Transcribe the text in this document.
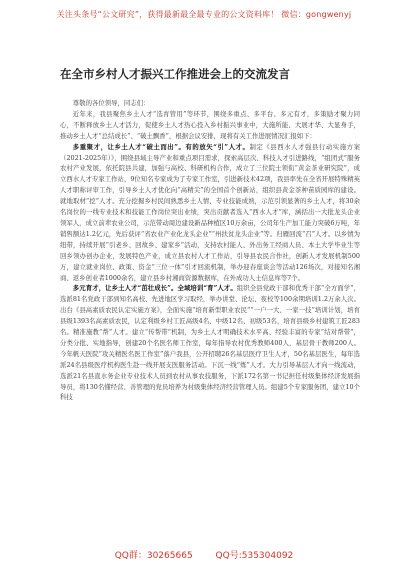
关注头条号“公文研究”，获得最新最全最专业的公文资料库！ 微信：gongwenyj
在全市乡村人才振兴工作推进会上的交流发言

尊敬的各位领导，同志们：

近年来，我县聚焦乡土人才“选育管用”等环节，围绕多重点、多平台、多元有才，多策励才聚力同心，不断释放乡土人才活力，促使乡土人才热心投入乡村振兴事业中，大施所能、大展才华、大显身手，推动乡土人才“总结成长”、“破土飘香”，根据会议安排，现将有关工作进展情况汇报如下：

多重聚才，让乡土人才“破土而出”。有的放矢“引”人才。制定《县西水人才强县行动实施方案（2021-2025年）》，围绕县域主导产业和重点项目需求，探索高层次、科技人才引进路线，“组团式”服务农村产业发展，依托院县共建，加强与高校、科研机构合作，成立了三位院士领衔“黄金茶业研究院”，成立西水人才专家工作站，9位知名专家成为了专家工作室，引进新技术42项，我县率先在全省开展特殊精英人才职称评审工作，引导乡土人才优化向“高精尖”的全国首个创新站，组织县黄金茶种苗质园库的建设。就地取材“挖”人才。充分挖掘乡村民间熟悉乡土人情、专业技能成熟，示范引领显著的乡土人才，将30余名岗位的一线专业技术和技能工作岗位突出业绩，突出贡献者选入“西水人才”库，涵括出一大批龙头企业领军人，成立前辈农业公司，示范带动周边建设新品种植区10万余亩，公司年生产加工能力突破6万吨，年销售额达1.2亿元，先后获评“省农业产业化龙头企业”“州扶贫龙头企业”等。归雁回流“召”人才。以乡情为纽带，持续开展“引老乡、回故乡、建家乡”活动，支持农村能人、外出务工经商人员、本土大学毕业生等回乡领办创办企业，发展特色产业，成立县农村人才工作站，引导县农民合作社，创新人才发展机制500万，建立就业岗位、政策、资金“三位一体”引才回流机制，举办迎春座谈会等活动126场次，对接知名湘商、返乡创业者1000余名，建立县乡村湘商资源数据库，在外成功人士信息库等7个。

多元育才，让乡土人才“茁壮成长”。全域培训“育”人才。组织全县党政干部和优秀干部“全方面学”，选派81名党政干部到知名高校、先进地区学习取经，举办讲堂、论坛、夜校等100余期培训1.2万余人次。出台《县高素质农民认定实施方案》，全面实施“培育新型职业农民”“一户一大、一家一技”培训计划，培育县级1393名高素质农民，认定利级乡村工匠高级4名、中级12名、初级53名，培育县级乡村建筑工匠283名。精准施教“帮”人才。建立“传帮带”机制，为乡土人才明确技术水平高、经验丰富的专家“结对帮带”，分类分批、实地指导，创建20个名医名师工作室，每年指导农村优秀教师400人，基层骨干教师200人。今年帆天医院“攻关精医名医工作室”落户我县，公开招聘26名基层医疗卫生人才，50名基层医生，每年选派24名县级医疗机构医生赴一线开展支医服务活动。下沉一线“炼”人才。大力引导基层人才向一线流动，选派21名县直水务企业专业技术人员到农村从事农技服务，下派172名第一书记担任村级集体经济发展指导员，将130名懂经营、善管理的党员培养为村级集体经济经营管理人员。组建5个专家服务团，建立10个科技

QQ群：30265665	QQ号:535304092
